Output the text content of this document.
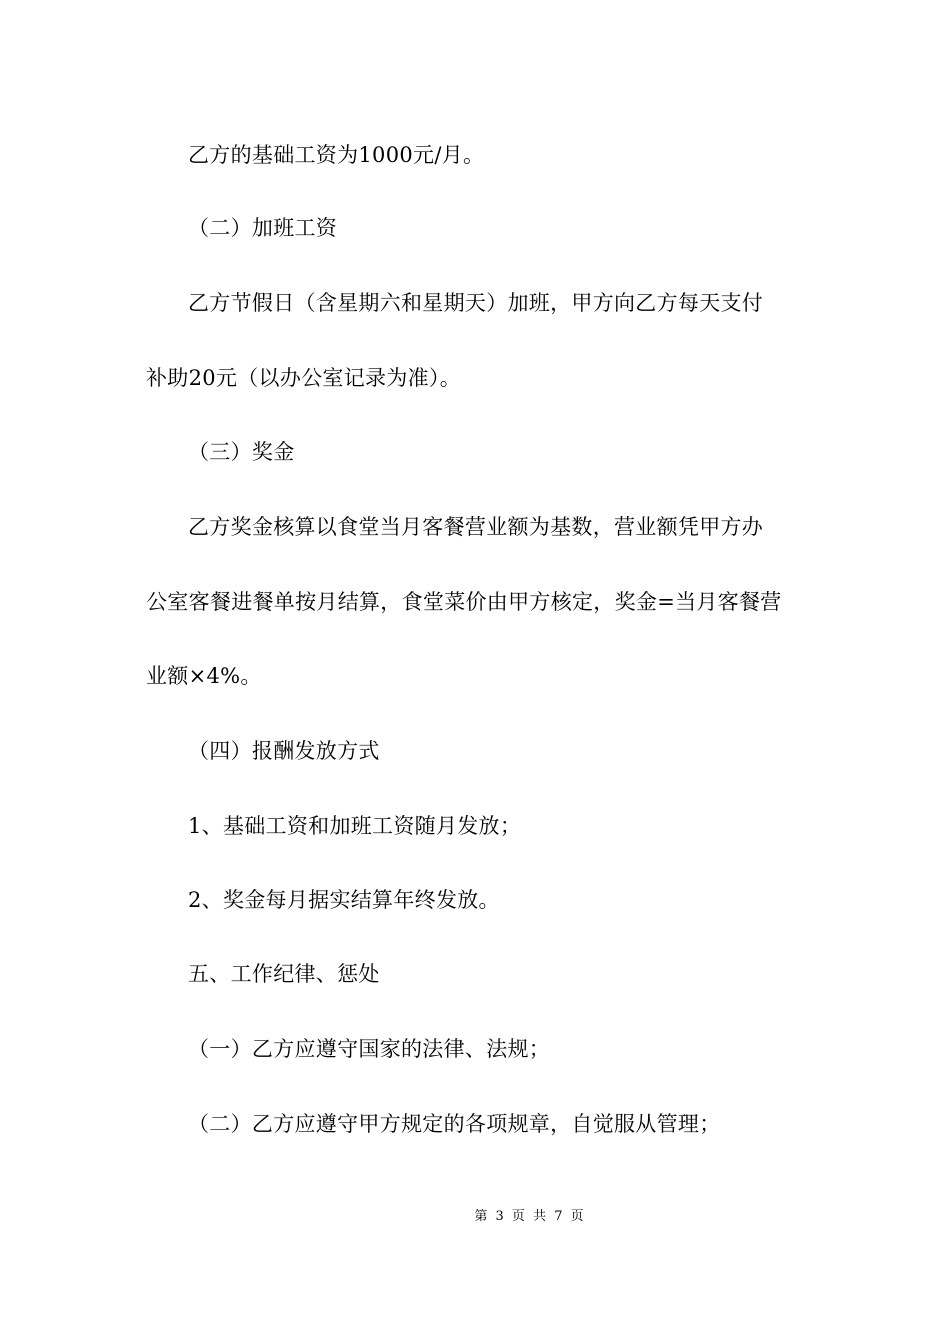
乙方的基础工资为1000元/月。
（二）加班工资
乙方节假日（含星期六和星期天）加班，甲方向乙方每天支付
补助20元（以办公室记录为准）。
（三）奖金
乙方奖金核算以食堂当月客餐营业额为基数，营业额凭甲方办
公室客餐进餐单按月结算，食堂菜价由甲方核定，奖金=当月客餐营
业额×4%。
（四）报酬发放方式
1、基础工资和加班工资随月发放；
2、奖金每月据实结算年终发放。
五、工作纪律、惩处
（一）乙方应遵守国家的法律、法规；
（二）乙方应遵守甲方规定的各项规章，自觉服从管理；
第 3 页 共 7 页
